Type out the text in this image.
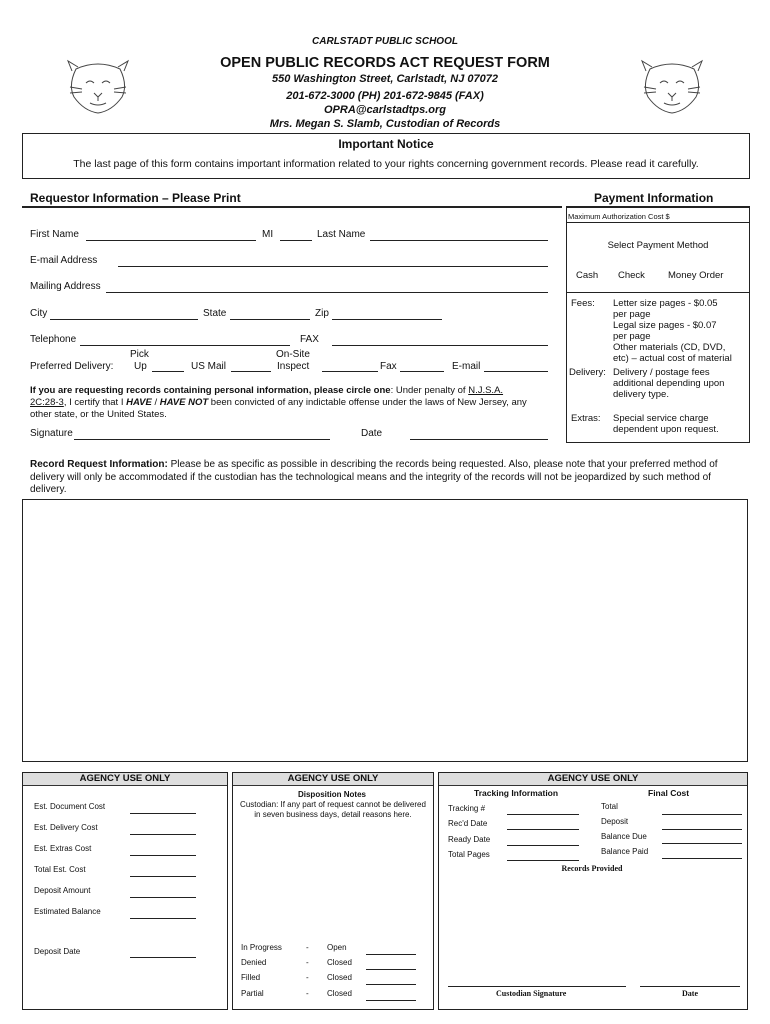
CARLSTADT PUBLIC SCHOOL
OPEN PUBLIC RECORDS ACT REQUEST FORM
550 Washington Street, Carlstadt, NJ 07072
201-672-3000 (PH) 201-672-9845 (FAX)
OPRA@carlstadtps.org
Mrs. Megan S. Slamb, Custodian of Records
Important Notice
The last page of this form contains important information related to your rights concerning government records. Please read it carefully.
Requestor Information – Please Print	Payment Information
First Name	MI	Last Name
E-mail Address
Mailing Address
City	State	Zip
Telephone	FAX
Pick	On-Site
Preferred Delivery: Up	US Mail	Inspect	Fax	E-mail
If you are requesting records containing personal information, please circle one: Under penalty of N.J.S.A.
2C:28-3, I certify that I HAVE / HAVE NOT been convicted of any indictable offense under the laws of New Jersey, any other state, or the United States.
Signature	Date
Maximum Authorization Cost $
Select Payment Method
Cash Check Money Order
Fees: Letter size pages - $0.05
per page
Legal size pages - $0.07
per page
Other materials (CD, DVD,
etc) – actual cost of material
Delivery: Delivery / postage fees
additional depending upon
delivery type.
Extras: Special service charge
dependent upon request.
Record Request Information: Please be as specific as possible in describing the records being requested. Also, please note that your preferred method of delivery will only be accommodated if the custodian has the technological means and the integrity of the records will not be jeopardized by such method of delivery.
AGENCY USE ONLY	AGENCY USE ONLY	AGENCY USE ONLY
Est. Document Cost
Est. Delivery Cost
Est. Extras Cost
Total Est. Cost
Deposit Amount
Estimated Balance
Deposit Date
Disposition Notes
Custodian: If any part of request cannot be delivered in seven business days, detail reasons here.
In Progress	- Open
Denied	- Closed
Filled	- Closed
Partial	- Closed
Tracking Information	Final Cost
Tracking #
Rec'd Date
Ready Date
Total Pages
Total
Deposit
Balance Due
Balance Paid
Records Provided
Custodian Signature	Date
